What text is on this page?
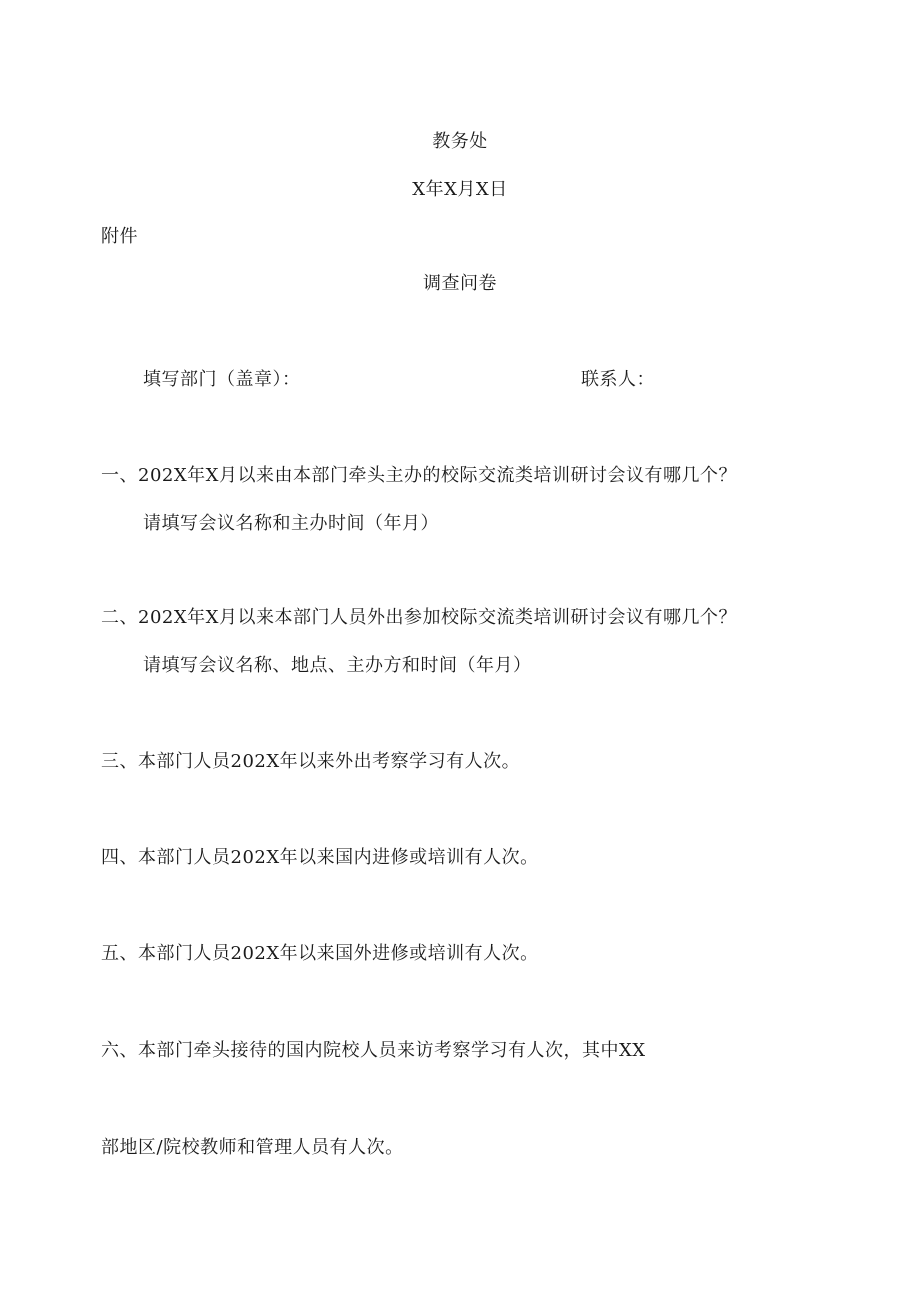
教务处
X年X月X日
附件
调查问卷
填写部门（盖章）：	联系人：
一、202X年X月以来由本部门牵头主办的校际交流类培训研讨会议有哪几个？
请填写会议名称和主办时间（年月）
二、202X年X月以来本部门人员外出参加校际交流类培训研讨会议有哪几个？
请填写会议名称、地点、主办方和时间（年月）
三、本部门人员202X年以来外出考察学习有人次。
四、本部门人员202X年以来国内进修或培训有人次。
五、本部门人员202X年以来国外进修或培训有人次。
六、本部门牵头接待的国内院校人员来访考察学习有人次，其中XX
部地区/院校教师和管理人员有人次。
